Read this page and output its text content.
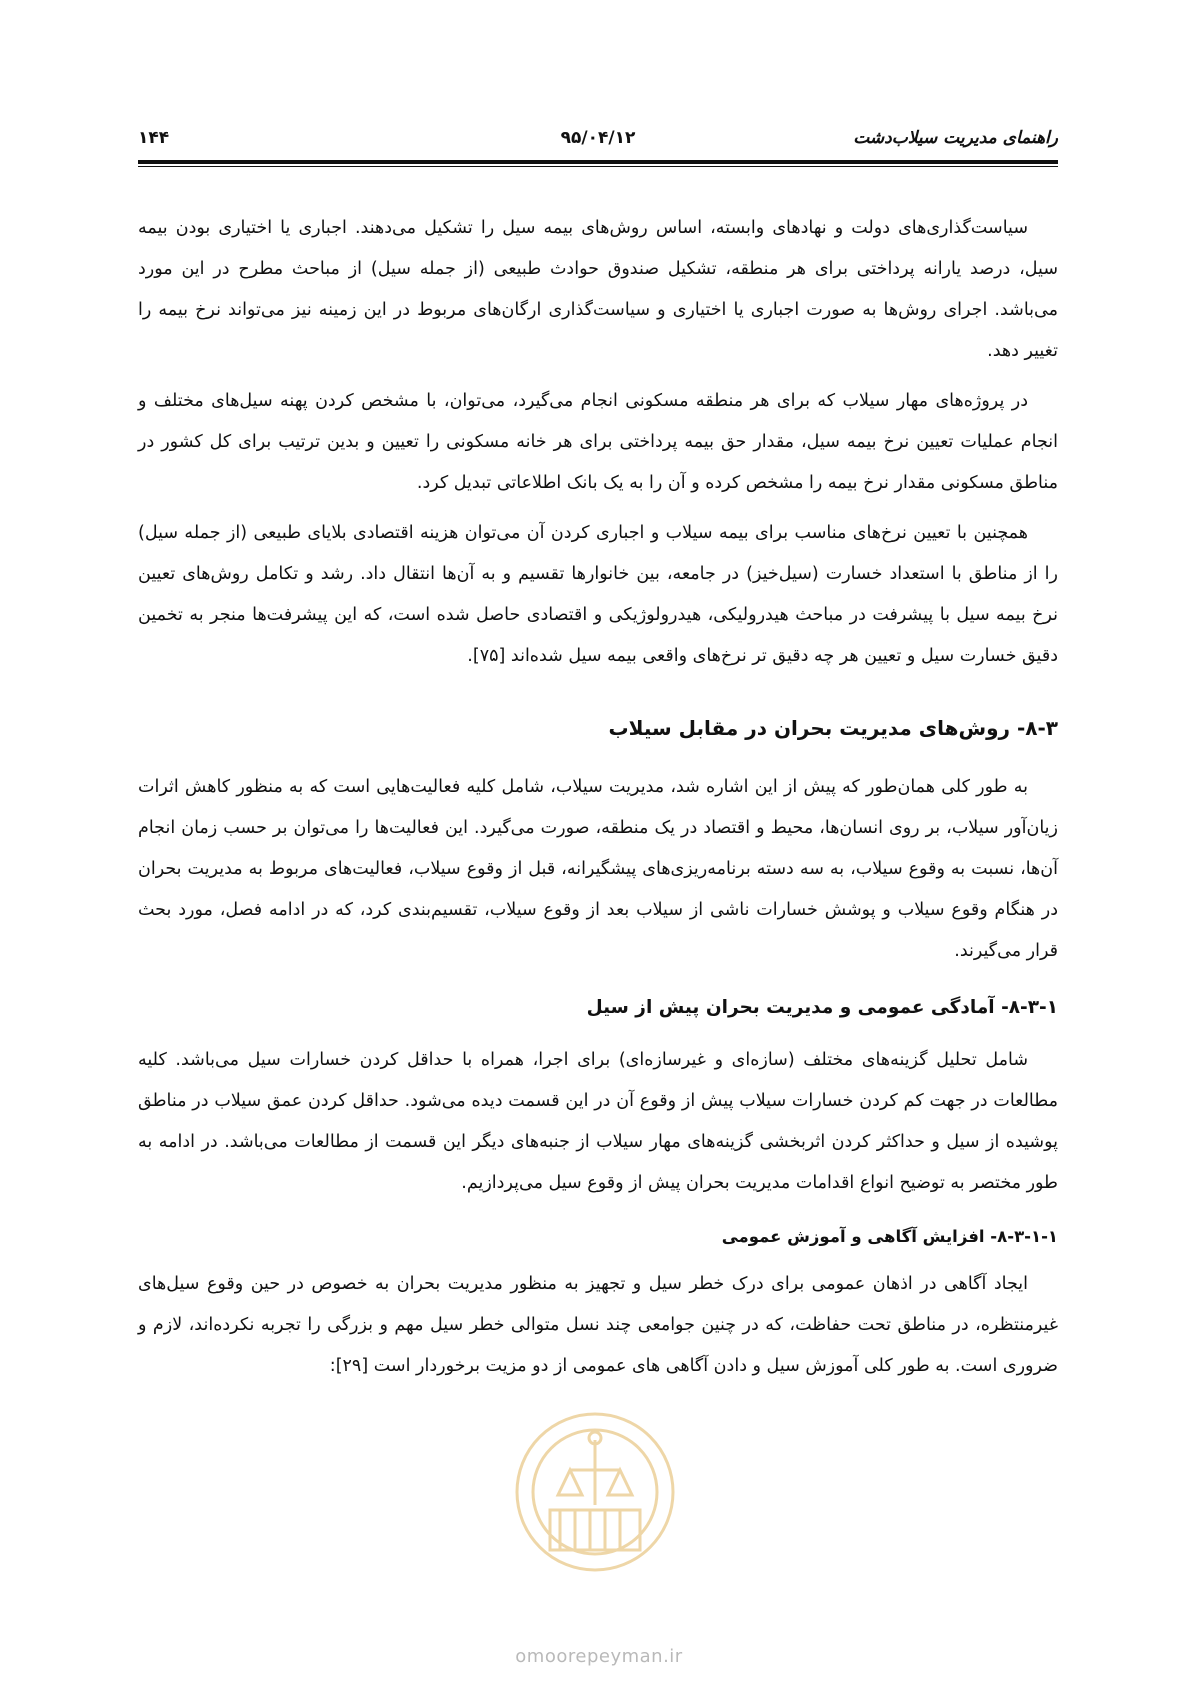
راهنمای مدیریت سیلاب‌دشت
۹۵/۰۴/۱۲
۱۴۴

سیاست‌گذاری‌های دولت و نهادهای وابسته، اساس روش‌های بیمه سیل را تشکیل می‌دهند. اجباری یا اختیاری بودن بیمه سیل، درصد یارانه پرداختی برای هر منطقه، تشکیل صندوق حوادث طبیعی (از جمله سیل) از مباحث مطرح در این مورد می‌باشد. اجرای روش‌ها به صورت اجباری یا اختیاری و سیاست‌گذاری ارگان‌های مربوط در این زمینه نیز می‌تواند نرخ بیمه را تغییر دهد.

در پروژه‌های مهار سیلاب که برای هر منطقه مسکونی انجام می‌گیرد، می‌توان، با مشخص کردن پهنه سیل‌های مختلف و انجام عملیات تعیین نرخ بیمه سیل، مقدار حق بیمه پرداختی برای هر خانه مسکونی را تعیین و بدین ترتیب برای کل کشور در مناطق مسکونی مقدار نرخ بیمه را مشخص کرده و آن را به یک بانک اطلاعاتی تبدیل کرد.

همچنین با تعیین نرخ‌های مناسب برای بیمه سیلاب و اجباری کردن آن می‌توان هزینه اقتصادی بلایای طبیعی (از جمله سیل) را از مناطق با استعداد خسارت (سیل‌خیز) در جامعه، بین خانوارها تقسیم و به آن‌ها انتقال داد. رشد و تکامل روش‌های تعیین نرخ بیمه سیل با پیشرفت در مباحث هیدرولیکی، هیدرولوژیکی و اقتصادی حاصل شده است، که این پیشرفت‌ها منجر به تخمین دقیق خسارت سیل و تعیین هر چه دقیق تر نرخ‌های واقعی بیمه سیل شده‌اند [۷۵].

۸-۳- روش‌های مدیریت بحران در مقابل سیلاب

به طور کلی همان‌طور که پیش از این اشاره شد، مدیریت سیلاب، شامل کلیه فعالیت‌هایی است که به منظور کاهش اثرات زیان‌آور سیلاب، بر روی انسان‌ها، محیط و اقتصاد در یک منطقه، صورت می‌گیرد. این فعالیت‌ها را می‌توان بر حسب زمان انجام آن‌ها، نسبت به وقوع سیلاب، به سه دسته برنامه‌ریزی‌های پیشگیرانه، قبل از وقوع سیلاب، فعالیت‌های مربوط به مدیریت بحران در هنگام وقوع سیلاب و پوشش خسارات ناشی از سیلاب بعد از وقوع سیلاب، تقسیم‌بندی کرد، که در ادامه فصل، مورد بحث قرار می‌گیرند.

۸-۳-۱- آمادگی عمومی و مدیریت بحران پیش از سیل

شامل تحلیل گزینه‌های مختلف (سازه‌ای و غیرسازه‌ای) برای اجرا، همراه با حداقل کردن خسارات سیل می‌باشد. کلیه مطالعات در جهت کم کردن خسارات سیلاب پیش از وقوع آن در این قسمت دیده می‌شود. حداقل کردن عمق سیلاب در مناطق پوشیده از سیل و حداکثر کردن اثربخشی گزینه‌های مهار سیلاب از جنبه‌های دیگر این قسمت از مطالعات می‌باشد. در ادامه به طور مختصر به توضیح انواع اقدامات مدیریت بحران پیش از وقوع سیل می‌پردازیم.

۸-۳-۱-۱- افزایش آگاهی و آموزش عمومی

ایجاد آگاهی در اذهان عمومی برای درک خطر سیل و تجهیز به منظور مدیریت بحران به خصوص در حین وقوع سیل‌های غیرمنتظره، در مناطق تحت حفاظت، که در چنین جوامعی چند نسل متوالی خطر سیل مهم و بزرگی را تجربه نکرده‌اند، لازم و ضروری است. به طور کلی آموزش سیل و دادن آگاهی های عمومی از دو مزیت برخوردار است [۲۹]:

omoorepeyman.ir
